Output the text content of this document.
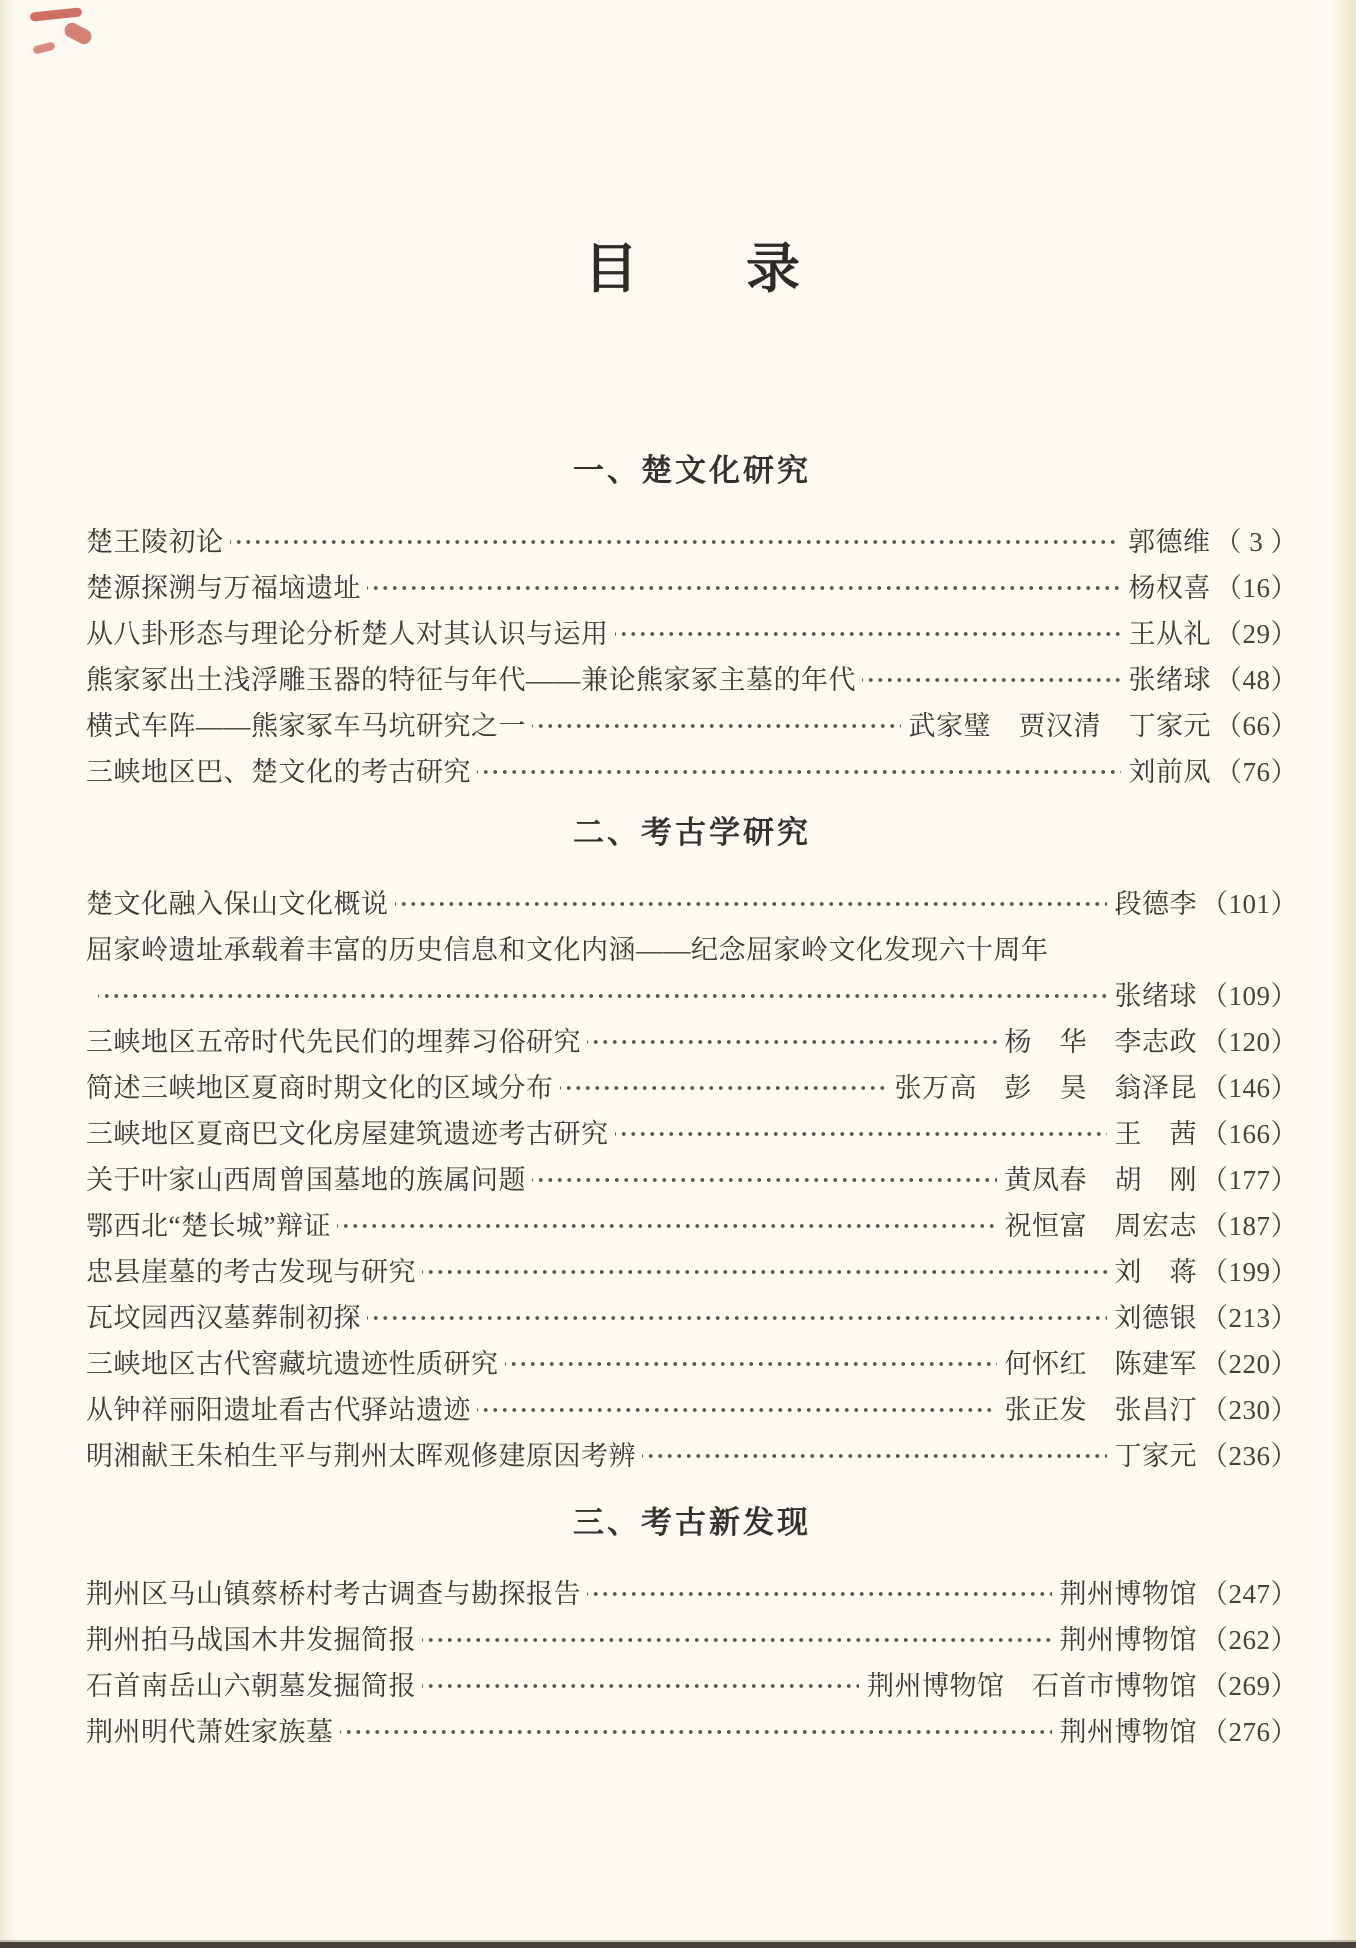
目 录
一、楚文化研究
楚王陵初论	郭德维 （ 3 ）
楚源探溯与万福垴遗址	杨权喜 （16）
从八卦形态与理论分析楚人对其认识与运用	王从礼 （29）
熊家冢出土浅浮雕玉器的特征与年代——兼论熊家冢主墓的年代	张绪球 （48）
横式车阵——熊家冢车马坑研究之一	武家璧　贾汉清　丁家元 （66）
三峡地区巴、楚文化的考古研究	刘前凤 （76）
二、考古学研究
楚文化融入保山文化概说	段德李 （101）
屈家岭遗址承载着丰富的历史信息和文化内涵——纪念屈家岭文化发现六十周年
张绪球 （109）
三峡地区五帝时代先民们的埋葬习俗研究	杨　华　李志政 （120）
简述三峡地区夏商时期文化的区域分布	张万高　彭　昊　翁泽昆 （146）
三峡地区夏商巴文化房屋建筑遗迹考古研究	王　茜 （166）
关于叶家山西周曾国墓地的族属问题	黄凤春　胡　刚 （177）
鄂西北“楚长城”辩证	祝恒富　周宏志 （187）
忠县崖墓的考古发现与研究	刘　蒋 （199）
瓦坟园西汉墓葬制初探	刘德银 （213）
三峡地区古代窖藏坑遗迹性质研究	何怀红　陈建军 （220）
从钟祥丽阳遗址看古代驿站遗迹	张正发　张昌汀 （230）
明湘献王朱柏生平与荆州太晖观修建原因考辨	丁家元 （236）
三、考古新发现
荆州区马山镇蔡桥村考古调查与勘探报告	荆州博物馆 （247）
荆州拍马战国木井发掘简报	荆州博物馆 （262）
石首南岳山六朝墓发掘简报	荆州博物馆　石首市博物馆 （269）
荆州明代萧姓家族墓	荆州博物馆 （276）
